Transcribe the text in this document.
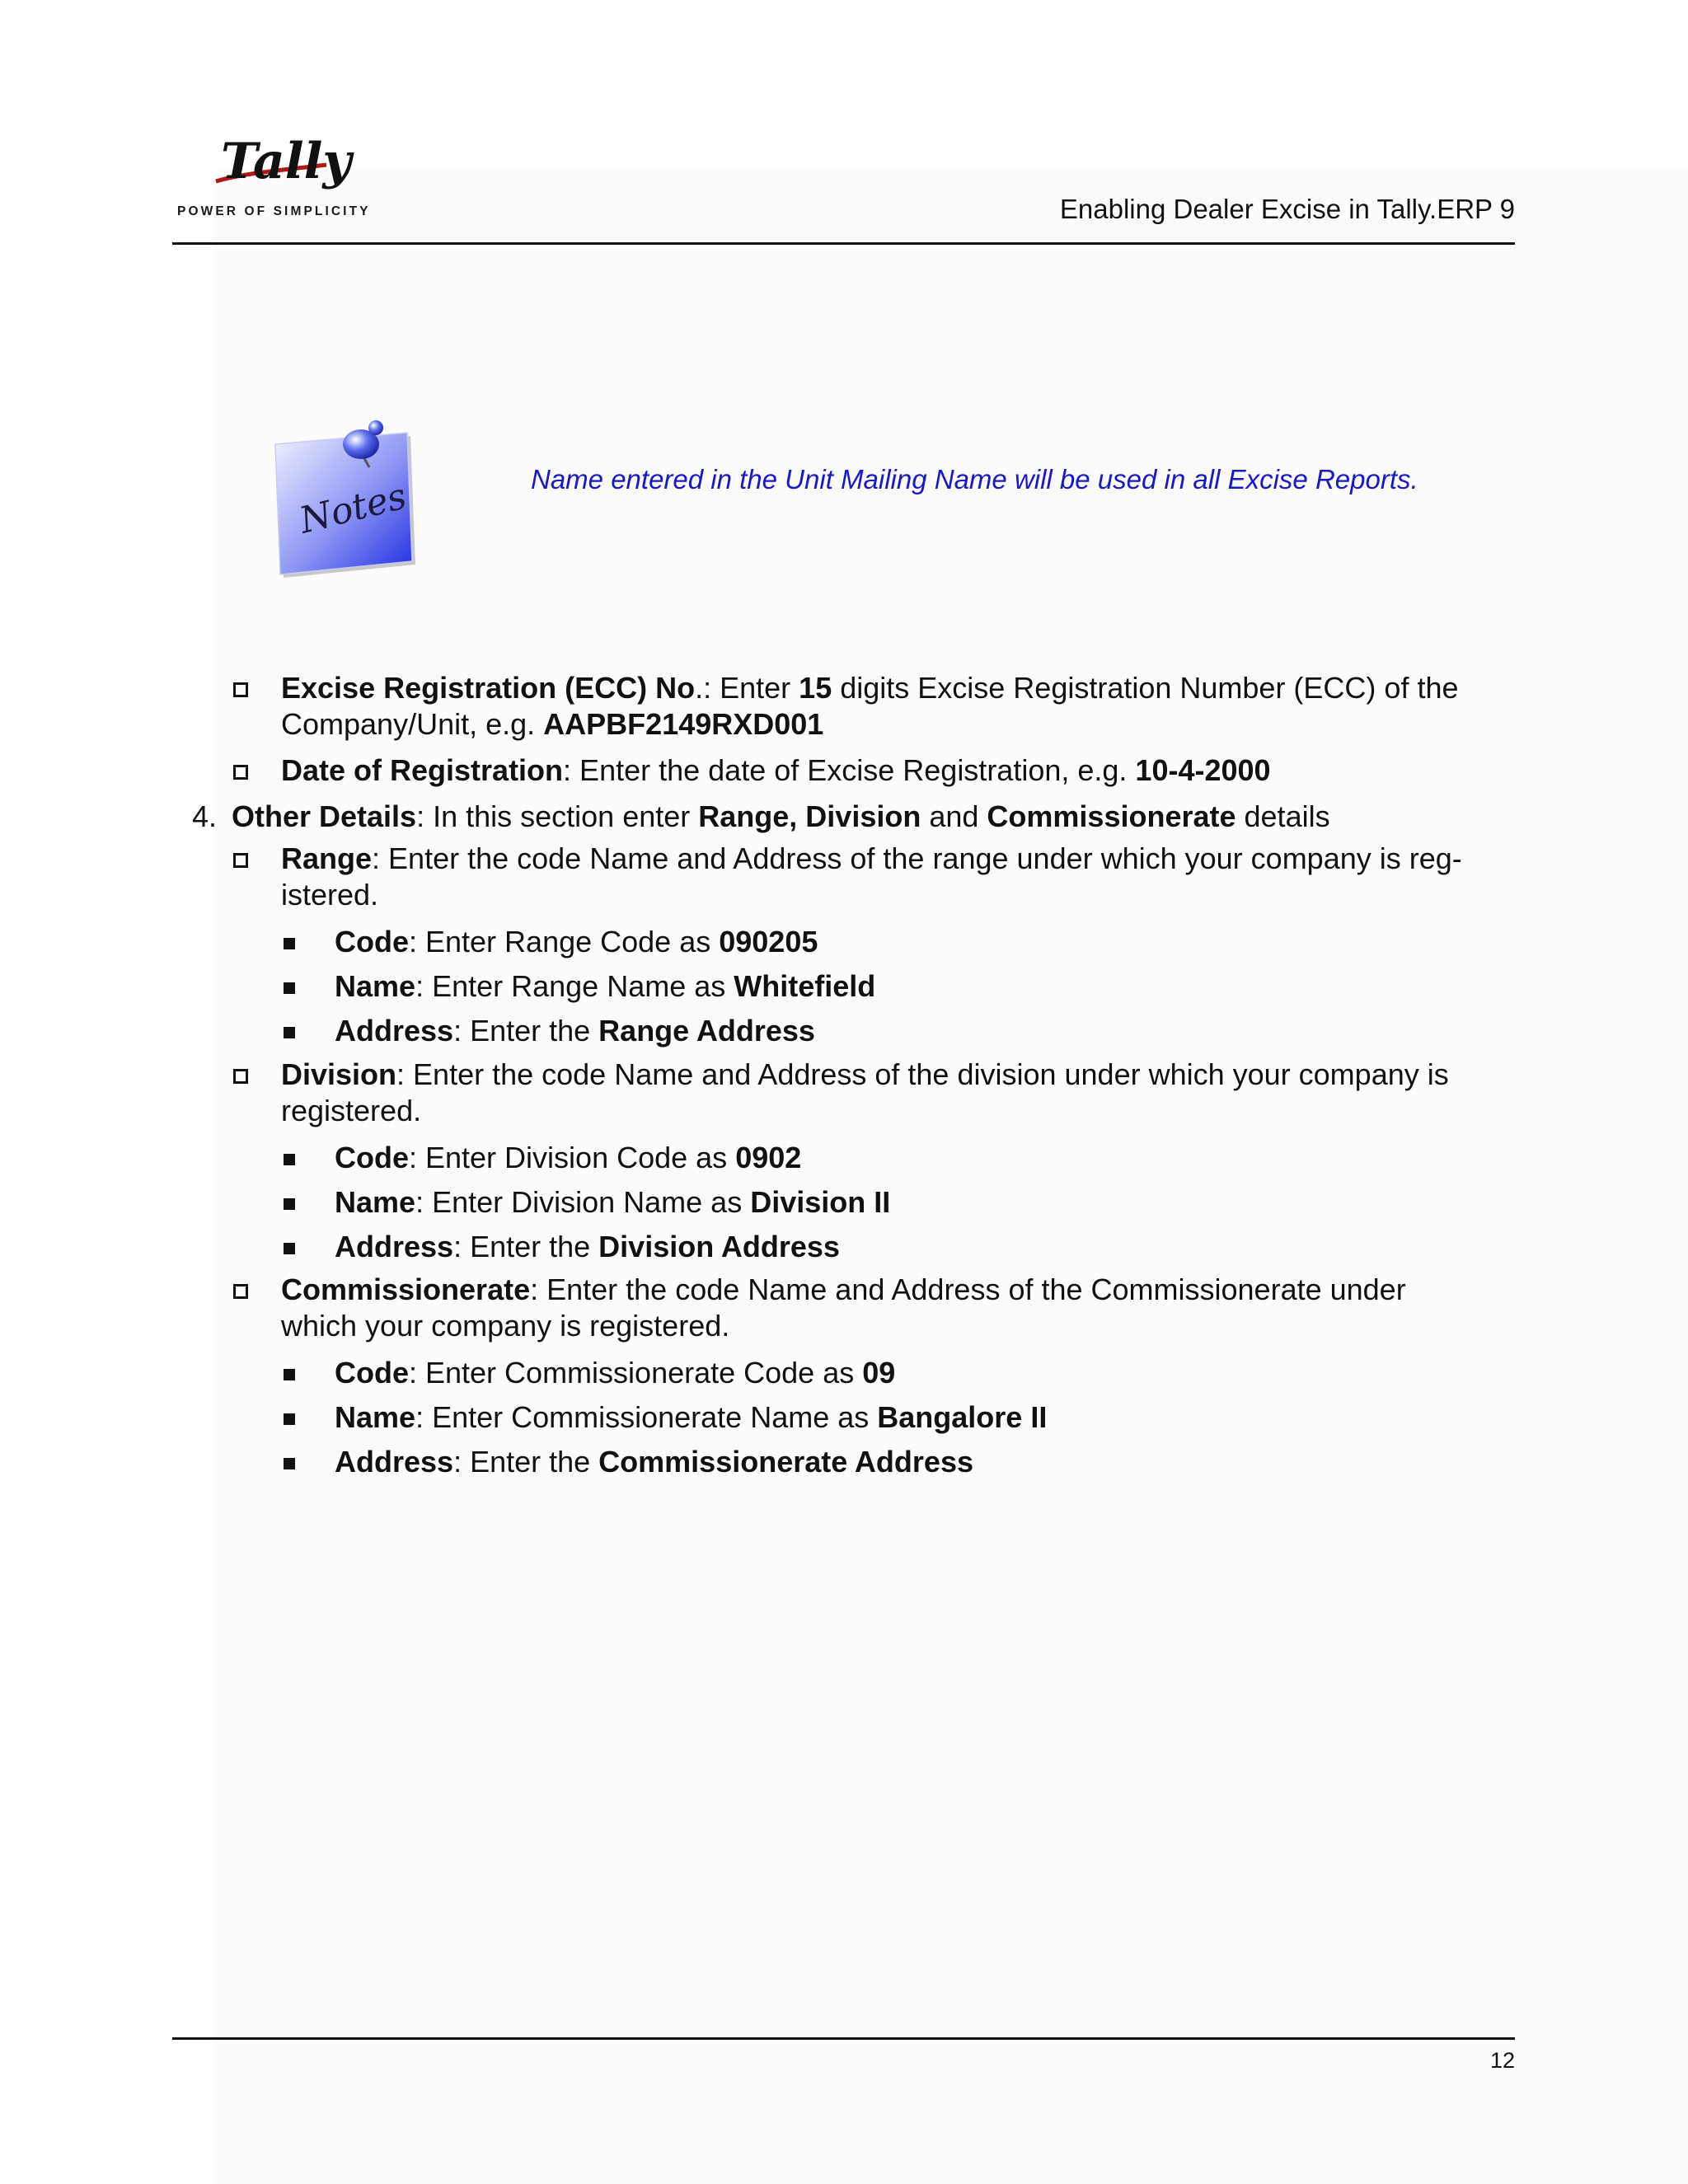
Tally
POWER OF SIMPLICITY	Enabling Dealer Excise in Tally.ERP 9
Notes	Name entered in the Unit Mailing Name will be used in all Excise Reports.
Excise Registration (ECC) No.: Enter 15 digits Excise Registration Number (ECC) of the
Company/Unit, e.g. AAPBF2149RXD001
Date of Registration: Enter the date of Excise Registration, e.g. 10-4-2000
4. Other Details: In this section enter Range, Division and Commissionerate details
Range: Enter the code Name and Address of the range under which your company is reg-
istered.
Code: Enter Range Code as 090205
Name: Enter Range Name as Whitefield
Address: Enter the Range Address
Division: Enter the code Name and Address of the division under which your company is
registered.
Code: Enter Division Code as 0902
Name: Enter Division Name as Division II
Address: Enter the Division Address
Commissionerate: Enter the code Name and Address of the Commissionerate under
which your company is registered.
Code: Enter Commissionerate Code as 09
Name: Enter Commissionerate Name as Bangalore II
Address: Enter the Commissionerate Address
12
